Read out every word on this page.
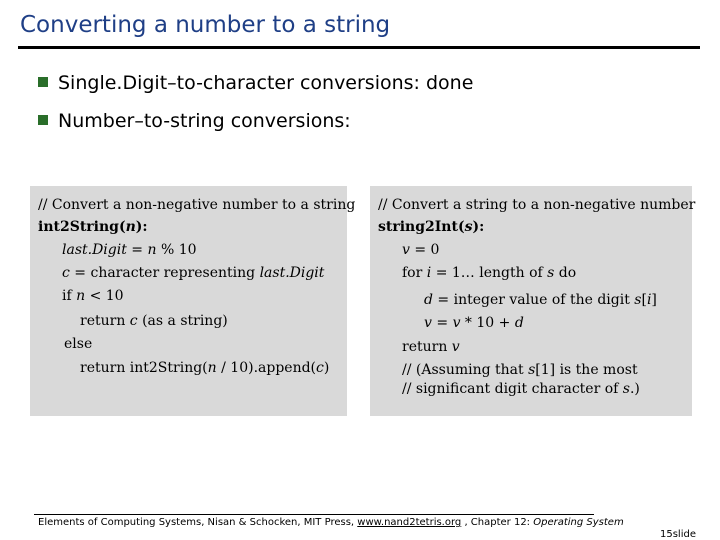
Converting a number to a string
Single.Digit–to-character conversions: done
Number–to-string conversions:
// Convert a non-negative number to a string
int2String(n):
last.Digit = n % 10
c = character representing last.Digit
if n < 10
return c (as a string)
else
return int2String(n / 10).append(c)
// Convert a string to a non-negative number
string2Int(s):
v = 0
for i = 1… length of s do
d = integer value of the digit s[i]
v = v * 10 + d
return v
// (Assuming that s[1] is the most
// significant digit character of s.)
Elements of Computing Systems, Nisan & Schocken, MIT Press, www.nand2tetris.org , Chapter 12: Operating System
15slide
